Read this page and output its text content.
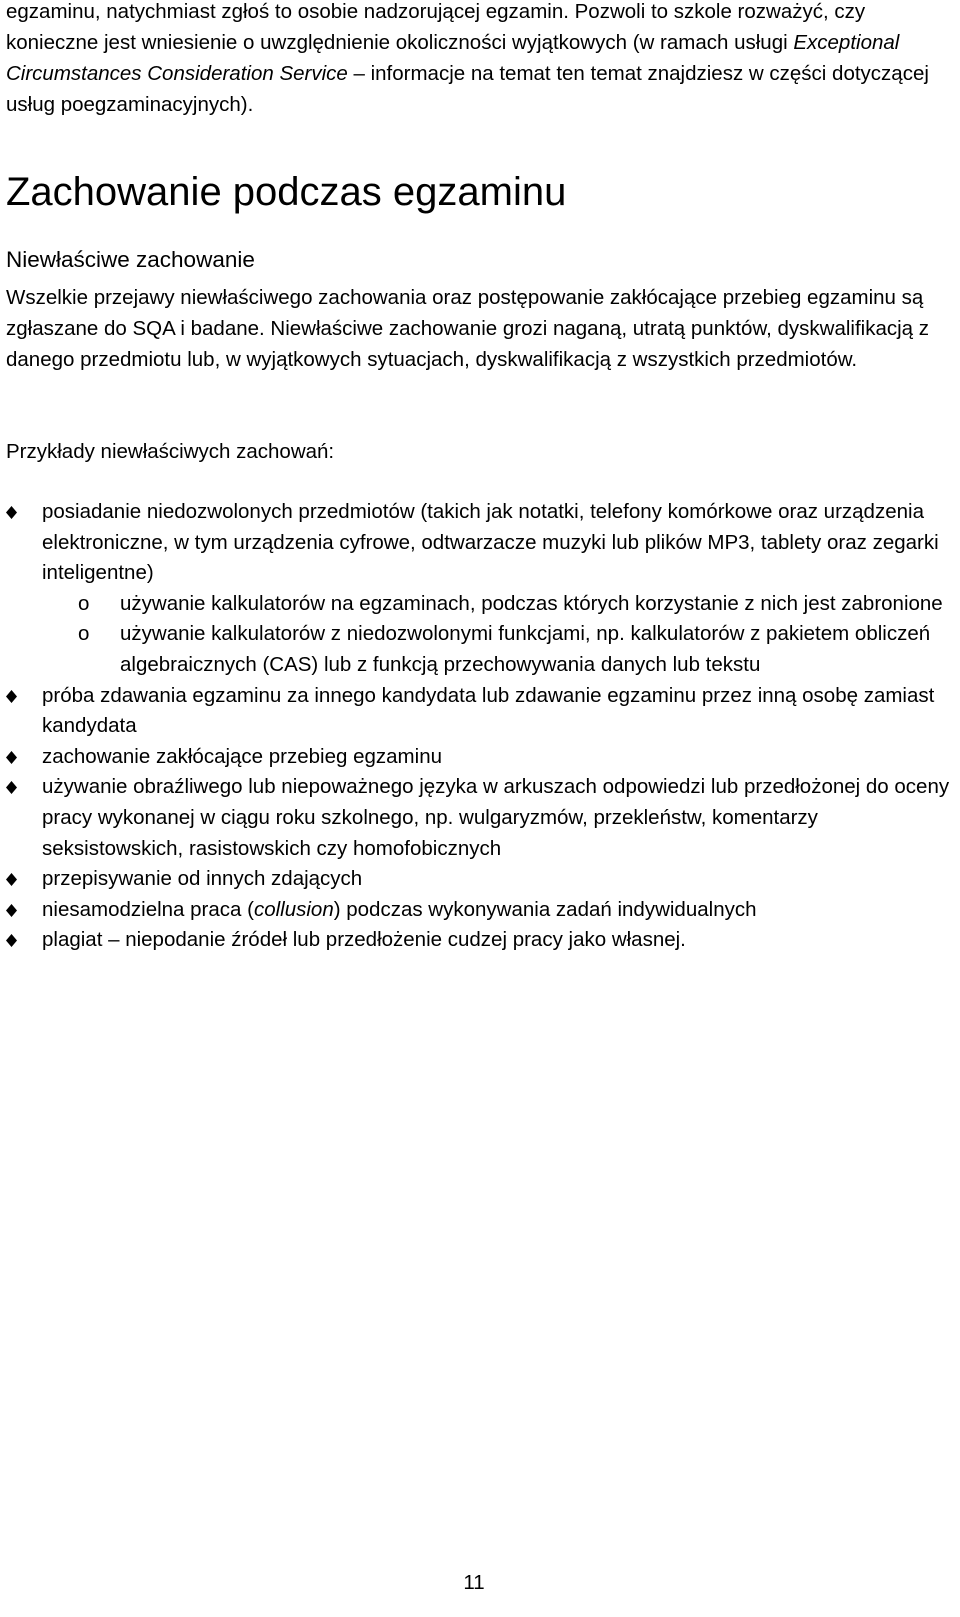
egzaminu, natychmiast zgłoś to osobie nadzorującej egzamin. Pozwoli to szkole rozważyć, czy konieczne jest wniesienie o uwzględnienie okoliczności wyjątkowych (w ramach usługi Exceptional Circumstances Consideration Service – informacje na temat ten temat znajdziesz w części dotyczącej usług poegzaminacyjnych).

Zachowanie podczas egzaminu
Niewłaściwe zachowanie

Wszelkie przejawy niewłaściwego zachowania oraz postępowanie zakłócające przebieg egzaminu są zgłaszane do SQA i badane. Niewłaściwe zachowanie grozi naganą, utratą punktów, dyskwalifikacją z danego przedmiotu lub, w wyjątkowych sytuacjach, dyskwalifikacją z wszystkich przedmiotów.

Przykłady niewłaściwych zachowań:

posiadanie niedozwolonych przedmiotów (takich jak notatki, telefony komórkowe oraz urządzenia elektroniczne, w tym urządzenia cyfrowe, odtwarzacze muzyki lub plików MP3, tablety oraz zegarki inteligentne)
o używanie kalkulatorów na egzaminach, podczas których korzystanie z nich jest zabronione
o używanie kalkulatorów z niedozwolonymi funkcjami, np. kalkulatorów z pakietem obliczeń algebraicznych (CAS) lub z funkcją przechowywania danych lub tekstu
próba zdawania egzaminu za innego kandydata lub zdawanie egzaminu przez inną osobę zamiast kandydata
zachowanie zakłócające przebieg egzaminu
używanie obraźliwego lub niepoważnego języka w arkuszach odpowiedzi lub przedłożonej do oceny pracy wykonanej w ciągu roku szkolnego, np. wulgaryzmów, przekleństw, komentarzy seksistowskich, rasistowskich czy homofobicznych
przepisywanie od innych zdających
niesamodzielna praca (collusion) podczas wykonywania zadań indywidualnych
plagiat – niepodanie źródeł lub przedłożenie cudzej pracy jako własnej.
11
